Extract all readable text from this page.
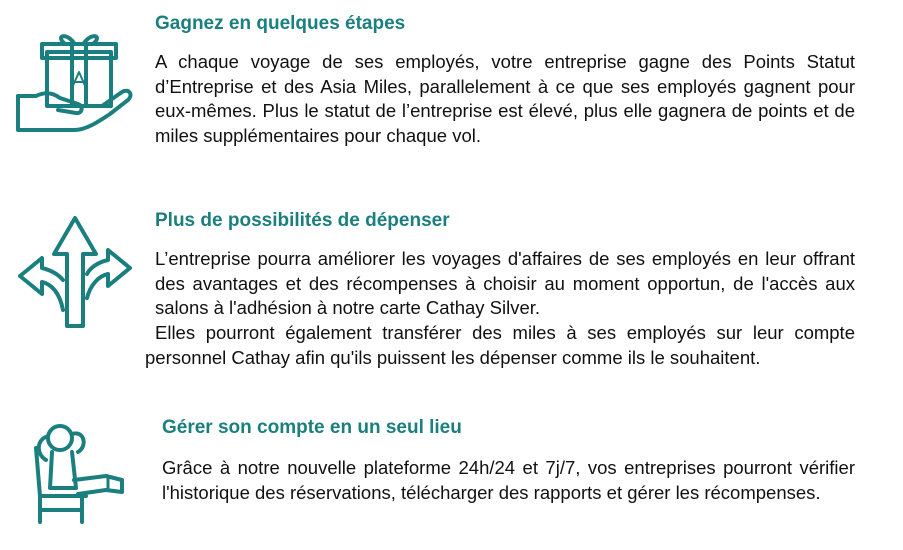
Gagnez en quelques étapes

A chaque voyage de ses employés, votre entreprise gagne des Points Statut d’Entreprise et des Asia Miles, parallelement à ce que ses employés gagnent pour eux-mêmes. Plus le statut de l’entreprise est élevé, plus elle gagnera de points et de miles supplémentaires pour chaque vol.

Plus de possibilités de dépenser

L’entreprise pourra améliorer les voyages d'affaires de ses employés en leur offrant des avantages et des récompenses à choisir au moment opportun, de l'accès aux salons à l'adhésion à notre carte Cathay Silver.

Elles pourront également transférer des miles à ses employés sur leur compte personnel Cathay afin qu'ils puissent les dépenser comme ils le souhaitent.

Gérer son compte en un seul lieu

Grâce à notre nouvelle plateforme 24h/24 et 7j/7, vos entreprises pourront vérifier l'historique des réservations, télécharger des rapports et gérer les récompenses.
